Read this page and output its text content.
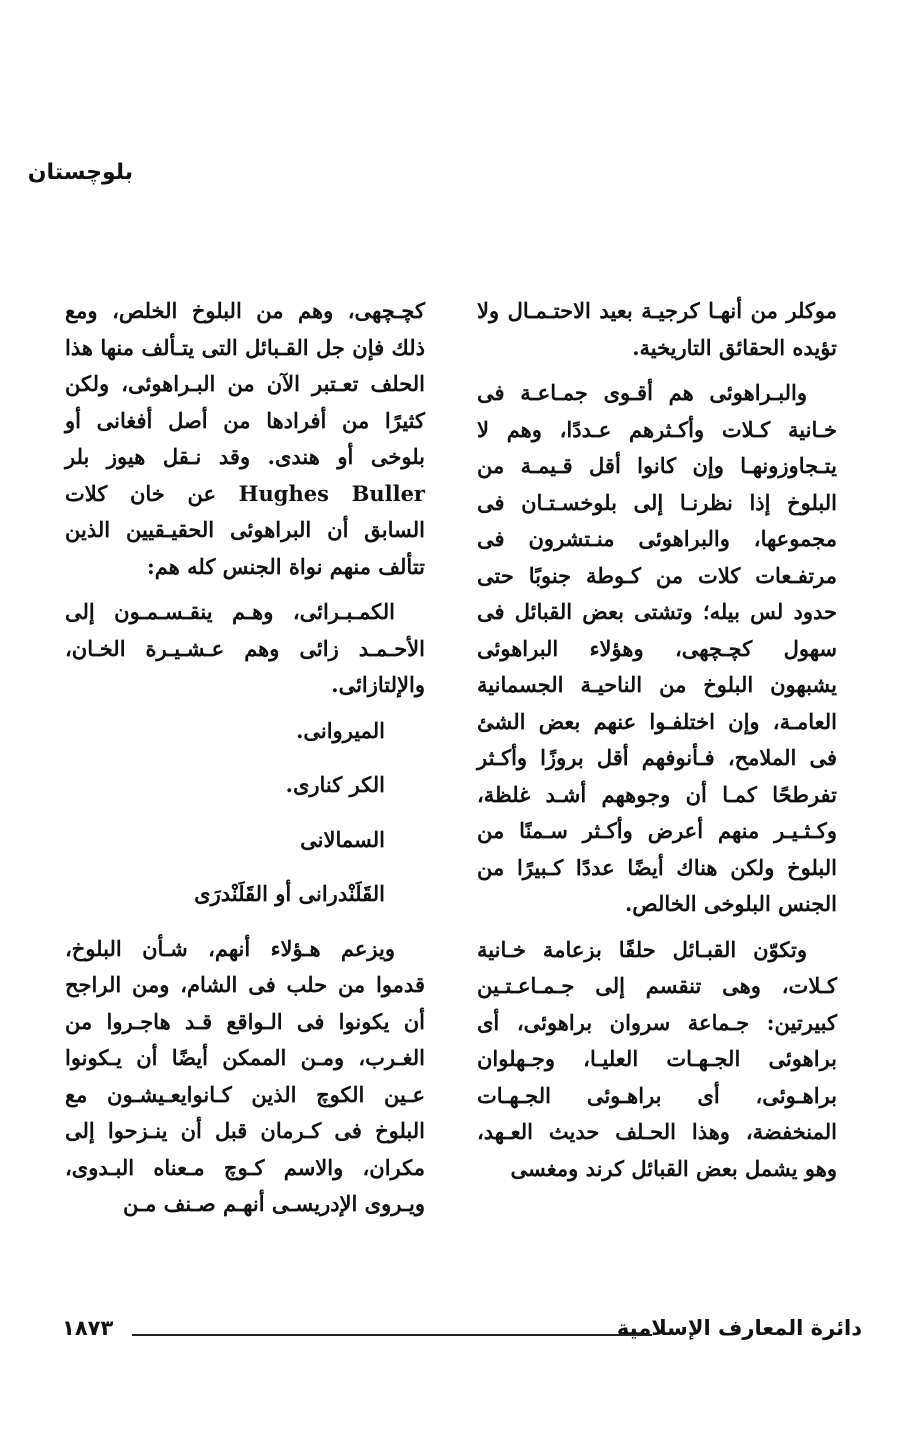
بلوچستان

موكلر من أنهـا كرجيـة بعيد الاحتـمـال ولا تؤيده الحقائق التاريخية.

والبـراهوئى هم أقـوى جمـاعـة فى خـانية كـلات وأكـثرهم عـددًا، وهم لا يتـجاوزونهـا وإن كانوا أقل قـيمـة من البلوخ إذا نظرنـا إلى بلوخسـتـان فى مجموعها، والبراهوئى منـتشرون فى مرتفـعات كلات من كـوطة جنوبًا حتى حدود لس بيله؛ وتشتى بعض القبائل فى سهول كچـچهى، وهؤلاء البراهوئى يشبهون البلوخ من الناحيـة الجسمانية العامـة، وإن اختلفـوا عنهم بعض الشئ فى الملامح، فـأنوفهم أقل بروزًا وأكـثر تفرطحًا كمـا أن وجوههم أشـد غلظة، وكـثـيـر منهم أعرض وأكـثر سـمنًا من البلوخ ولكن هناك أيضًا عددًا كـبيرًا من الجنس البلوخى الخالص.

وتكوّن القبـائل حلفًا بزعامة خـانية كـلات، وهى تنقسم إلى جـمـاعـتـين كبيرتين: جـماعة سروان براهوئى، أى براهوئى الجـهـات العليـا، وجـهلوان براهـوئى، أى براهـوئى الجـهـات المنخفضة، وهذا الحـلف حديث العـهد، وهو يشمل بعض القبائل كرند ومغسى

كچـچهى، وهم من البلوخ الخلص، ومع ذلك فإن جل القـبائل التى يتـألف منها هذا الحلف تعـتبر الآن من البـراهوئى، ولكن كثيرًا من أفرادها من أصل أفغانى أو بلوخى أو هندى. وقد نـقل هيوز بلر Hughes Buller عن خان كلات السابق أن البراهوئى الحقيـقيين الذين تتألف منهم نواة الجنس كله هم:

الكمـبـرائى، وهـم ينقـسـمـون إلى الأحـمـد زائى وهم عـشـيـرة الخـان، والإلتازائى.

الميروانى.

الكر كنارى.

السمالانى

القَلَنْدرانى أو القَلَنْدرَى

ويزعم هـؤلاء أنهم، شـأن البلوخ، قدموا من حلب فى الشام، ومن الراجح أن يكونوا فى الـواقع قـد هاجـروا من الغـرب، ومـن الممكن أيضًا أن يـكونوا عـين الكوچ الذين كـانوايعـيشـون مع البلوخ فى كـرمان قبل أن ينـزحوا إلى مكران، والاسم كـوچ مـعناه البـدوى، ويـروى الإدريسـى أنهـم صـنف مـن

دائرة المعارف الإسلامية
١٨٧٣
